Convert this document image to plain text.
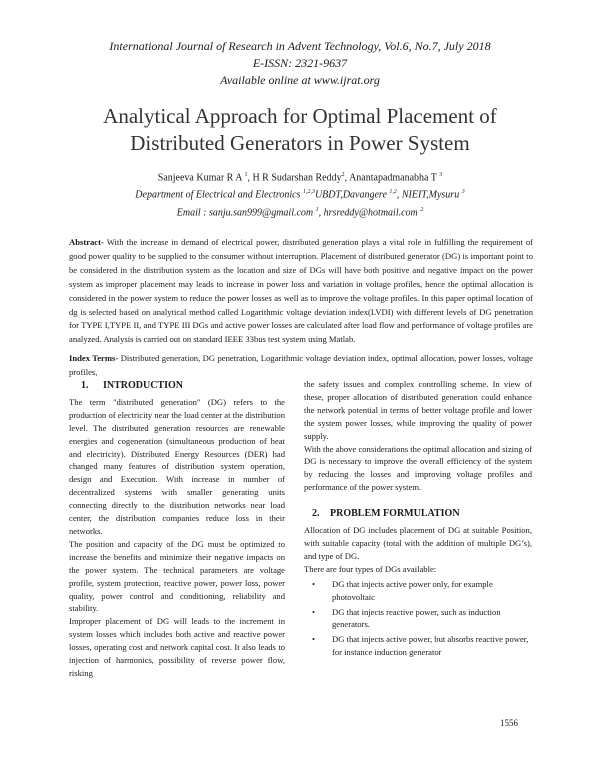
International Journal of Research in Advent Technology, Vol.6, No.7, July 2018
E-ISSN: 2321-9637
Available online at www.ijrat.org
Analytical Approach for Optimal Placement of
Distributed Generators in Power System
Sanjeeva Kumar R A $^1$, H R Sudarshan Reddy$^2$, Anantapadmanabha T $^3$
Department of Electrical and Electronics $^{1,2,3}$UBDT,Davangere $^{1,2}$, NIEIT,Mysuru $^3$
Email : sanju.san999@gmail.com $^1$, hrsreddy@hotmail.com $^2$
Abstract- With the increase in demand of electrical power, distributed generation plays a vital role in fulfilling the requirement of good power quality to be supplied to the consumer without interruption. Placement of distributed generator (DG) is important point to be considered in the distribution system as the location and size of DGs will have both positive and negative impact on the power system as improper placement may leads to increase in power loss and variation in voltage profiles, hence the optimal allocation is considered in the power system to reduce the power losses as well as to improve the voltage profiles. In this paper optimal location of dg is selected based on analytical method called Logarithmic voltage deviation index(LVDI) with different levels of DG penetration for TYPE I,TYPE II, and TYPE III DGs and active power losses are calculated after load flow and performance of voltage profiles are analyzed. Analysis is carried out on standard IEEE 33bus test system using Matlab.
Index Terms- Distributed generation, DG penetration, Logarithmic voltage deviation index, optimal allocation, power losses, voltage profiles,
1. INTRODUCTION

The term "distributed generation" (DG) refers to the production of electricity near the load center at the distribution level. The distributed generation resources are renewable energies and cogeneration (simultaneous production of heat and electricity). Distributed Energy Resources (DER) had changed many features of distribution system operation, design and Execution. With increase in number of decentralized systems with smaller generating units connecting directly to the distribution networks near load center, the distribution companies reduce loss in their networks.

The position and capacity of the DG must be optimized to increase the benefits and minimize their negative impacts on the power system. The technical parameters are voltage profile, system protection, reactive power, power loss, power quality, power control and conditioning, reliability and stability.

Improper placement of DG will leads to the increment in system losses which includes both active and reactive power losses, operating cost and network capital cost. It also leads to injection of harmonics, possibility of reverse power flow, risking

the safety issues and complex controlling scheme. In view of these, proper allocation of distributed generation could enhance the network potential in terms of better voltage profile and lower the system power losses, while improving the quality of power supply.

With the above considerations the optimal allocation and sizing of DG is necessary to improve the overall efficiency of the system by reducing the losses and improving voltage profiles and performance of the power system.

2. PROBLEM FORMULATION

Allocation of DG includes placement of DG at suitable Position, with suitable capacity (total with the addition of multiple DG’s), and type of DG.

There are four types of DGs available:

• DG that injects active power only, for example photovoltaic
• DG that injects reactive power, such as induction generators.
• DG that injects active power, but absorbs reactive power, for instance induction generator
1556
